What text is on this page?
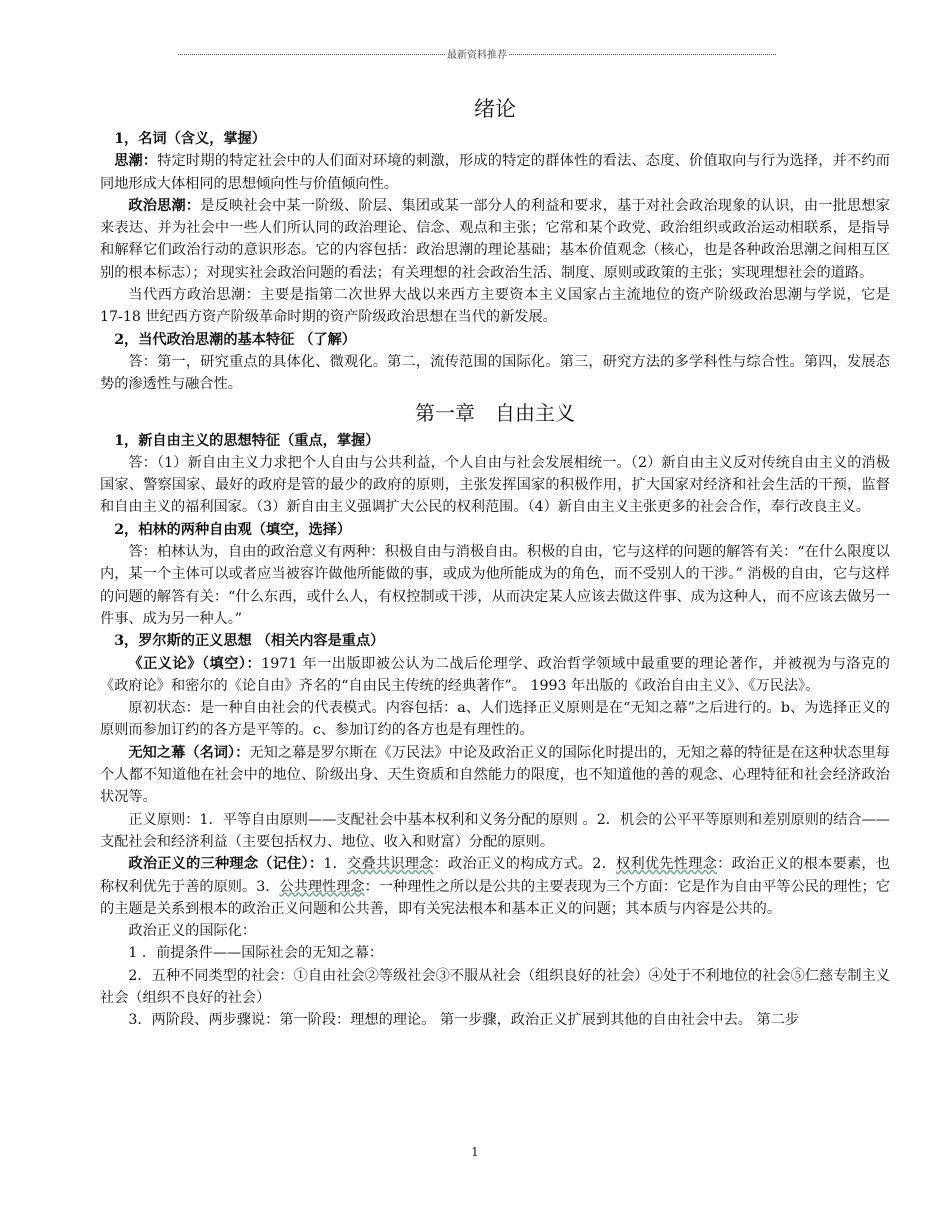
最新资料推荐
绪论

1，名词（含义，掌握）

思潮：特定时期的特定社会中的人们面对环境的刺激，形成的特定的群体性的看法、态度、价值取向与行为选择，并不约而同地形成大体相同的思想倾向性与价值倾向性。

政治思潮：是反映社会中某一阶级、阶层、集团或某一部分人的利益和要求，基于对社会政治现象的认识，由一批思想家来表达、并为社会中一些人们所认同的政治理论、信念、观点和主张；它常和某个政党、政治组织或政治运动相联系，是指导和解释它们政治行动的意识形态。它的内容包括：政治思潮的理论基础；基本价值观念（核心，也是各种政治思潮之间相互区别的根本标志）；对现实社会政治问题的看法；有关理想的社会政治生活、制度、原则或政策的主张；实现理想社会的道路。

当代西方政治思潮：主要是指第二次世界大战以来西方主要资本主义国家占主流地位的资产阶级政治思潮与学说，它是 17-18 世纪西方资产阶级革命时期的资产阶级政治思想在当代的新发展。

2，当代政治思潮的基本特征 （了解）

答：第一，研究重点的具体化、微观化。第二，流传范围的国际化。第三，研究方法的多学科性与综合性。第四，发展态势的渗透性与融合性。

第一章　自由主义

1，新自由主义的思想特征（重点，掌握）

答：（1）新自由主义力求把个人自由与公共利益，个人自由与社会发展相统一。（2）新自由主义反对传统自由主义的消极国家、警察国家、最好的政府是管的最少的政府的原则，主张发挥国家的积极作用，扩大国家对经济和社会生活的干预，监督和自由主义的福利国家。（3）新自由主义强调扩大公民的权利范围。（4）新自由主义主张更多的社会合作，奉行改良主义。

2，柏林的两种自由观（填空，选择）

答：柏林认为，自由的政治意义有两种：积极自由与消极自由。积极的自由，它与这样的问题的解答有关：“在什么限度以内，某一个主体可以或者应当被容许做他所能做的事，或成为他所能成为的角色，而不受别人的干涉。” 消极的自由，它与这样的问题的解答有关：“什么东西，或什么人，有权控制或干涉，从而决定某人应该去做这件事、成为这种人，而不应该去做另一件事、成为另一种人。”

3，罗尔斯的正义思想 （相关内容是重点）

《正义论》（填空）：1971 年一出版即被公认为二战后伦理学、政治哲学领域中最重要的理论著作，并被视为与洛克的《政府论》和密尔的《论自由》齐名的“自由民主传统的经典著作”。 1993 年出版的《政治自由主义》、《万民法》。

原初状态：是一种自由社会的代表模式。内容包括：a、人们选择正义原则是在“无知之幕”之后进行的。b、为选择正义的原则而参加订约的各方是平等的。c、参加订约的各方也是有理性的。

无知之幕（名词）：无知之幕是罗尔斯在《万民法》中论及政治正义的国际化时提出的，无知之幕的特征是在这种状态里每个人都不知道他在社会中的地位、阶级出身、天生资质和自然能力的限度，也不知道他的善的观念、心理特征和社会经济政治状况等。

正义原则：1．平等自由原则——支配社会中基本权利和义务分配的原则 。2．机会的公平平等原则和差别原则的结合——支配社会和经济利益（主要包括权力、地位、收入和财富）分配的原则。

政治正义的三种理念（记住）：1．交叠共识理念：政治正义的构成方式。2．权利优先性理念：政治正义的根本要素，也称权利优先于善的原则。3．公共理性理念：一种理性之所以是公共的主要表现为三个方面：它是作为自由平等公民的理性；它的主题是关系到根本的政治正义问题和公共善，即有关宪法根本和基本正义的问题；其本质与内容是公共的。

政治正义的国际化：

1 ．前提条件——国际社会的无知之幕：

2．五种不同类型的社会：①自由社会②等级社会③不服从社会（组织良好的社会）④处于不利地位的社会⑤仁慈专制主义社会（组织不良好的社会）

3．两阶段、两步骤说：第一阶段：理想的理论。 第一步骤，政治正义扩展到其他的自由社会中去。 第二步

1
